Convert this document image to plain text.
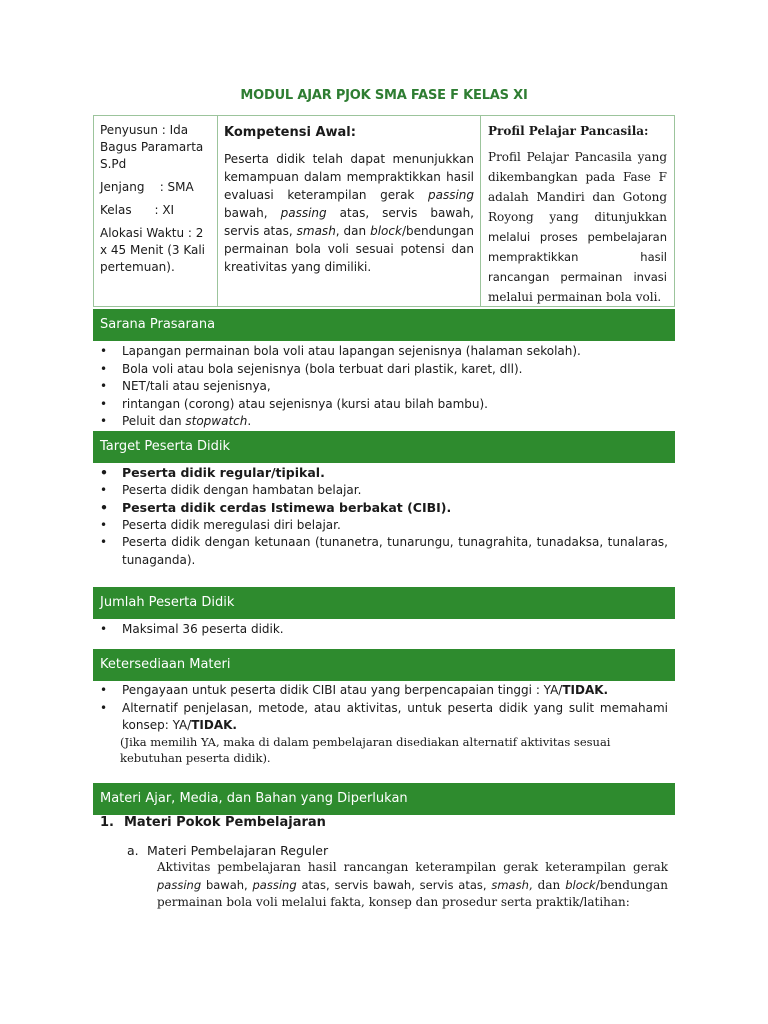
MODUL AJAR PJOK SMA FASE F KELAS XI

Penyusun : Ida Bagus Paramarta S.Pd

Jenjang    : SMA

Kelas      : XI

Alokasi Waktu : 2 x 45 Menit (3 Kali pertemuan).

Kompetensi Awal:
Peserta didik telah dapat menunjukkan kemampuan dalam mempraktikkan hasil evaluasi keterampilan gerak passing bawah, passing atas, servis bawah, servis atas, smash, dan block/bendungan permainan bola voli sesuai potensi dan kreativitas yang dimiliki.
Profil Pelajar Pancasila:
Profil Pelajar Pancasila yang dikembangkan pada Fase F adalah Mandiri dan Gotong Royong yang ditunjukkan melalui proses pembelajaran mempraktikkan hasil rancangan permainan invasi melalui permainan bola voli.
Sarana Prasarana
• Lapangan permainan bola voli atau lapangan sejenisnya (halaman sekolah).
• Bola voli atau bola sejenisnya (bola terbuat dari plastik, karet, dll).
• NET/tali atau sejenisnya,
• rintangan (corong) atau sejenisnya (kursi atau bilah bambu).
• Peluit dan stopwatch.
Target Peserta Didik
• Peserta didik regular/tipikal.
• Peserta didik dengan hambatan belajar.
• Peserta didik cerdas Istimewa berbakat (CIBI).
• Peserta didik meregulasi diri belajar.
• Peserta didik dengan ketunaan (tunanetra, tunarungu, tunagrahita, tunadaksa, tunalaras, tunaganda).
Jumlah Peserta Didik
• Maksimal 36 peserta didik.
Ketersediaan Materi
• Pengayaan untuk peserta didik CIBI atau yang berpencapaian tinggi : YA/TIDAK.
• Alternatif penjelasan, metode, atau aktivitas, untuk peserta didik yang sulit memahami konsep: YA/TIDAK.
(Jika memilih YA, maka di dalam pembelajaran disediakan alternatif aktivitas sesuai kebutuhan peserta didik).
Materi Ajar, Media, dan Bahan yang Diperlukan
1. Materi Pokok Pembelajaran
a. Materi Pembelajaran Reguler
Aktivitas pembelajaran hasil rancangan keterampilan gerak keterampilan gerak passing bawah, passing atas, servis bawah, servis atas, smash, dan block/bendungan permainan bola voli melalui fakta, konsep dan prosedur serta praktik/latihan:
